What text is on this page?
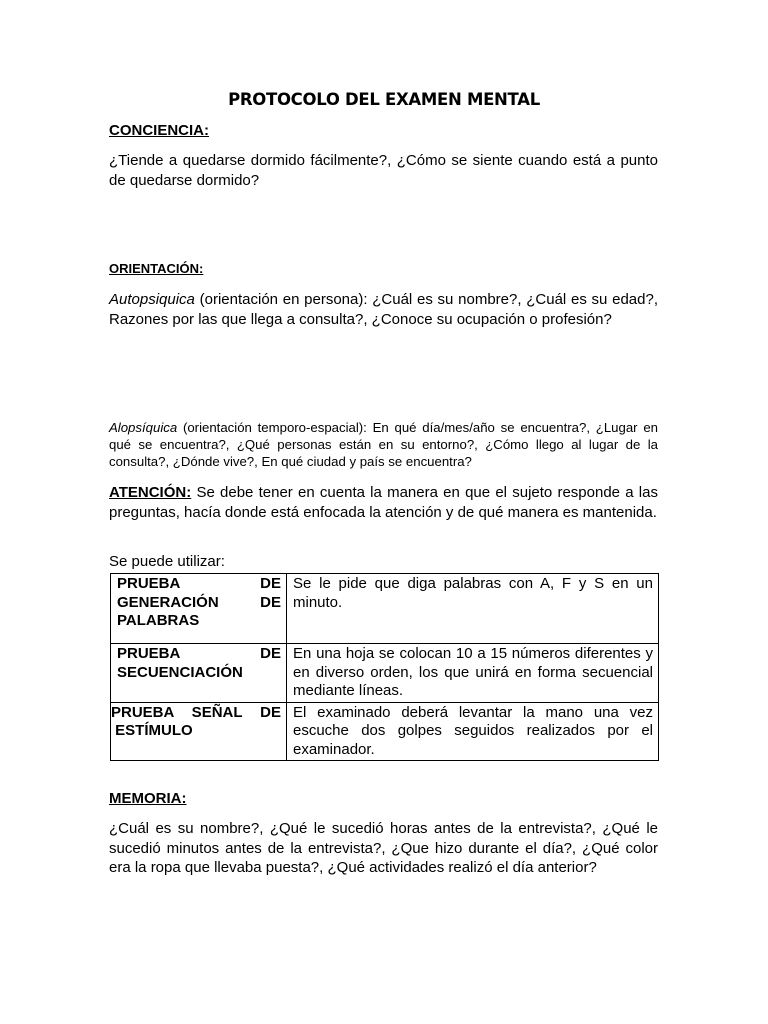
PROTOCOLO DEL EXAMEN MENTAL
CONCIENCIA:

¿Tiende a quedarse dormido fácilmente?, ¿Cómo se siente cuando está a punto de quedarse dormido?

ORIENTACIÓN:

Autopsiquica (orientación en persona): ¿Cuál es su nombre?, ¿Cuál es su edad?, Razones por las que llega a consulta?, ¿Conoce su ocupación o profesión?

Alopsíquica (orientación temporo-espacial): En qué día/mes/año se encuentra?, ¿Lugar en qué se encuentra?, ¿Qué personas están en su entorno?, ¿Cómo llego al lugar de la consulta?, ¿Dónde vive?, En qué ciudad y país se encuentra?

ATENCIÓN: Se debe tener en cuenta la manera en que el sujeto responde a las preguntas, hacía donde está enfocada la atención y de qué manera es mantenida.

Se puede utilizar:

PRUEBA DE
GENERACIÓN DE
PALABRAS	Se le pide que diga palabras con A, F y S en un minuto.

PRUEBA DE
SECUENCIACIÓN	En una hoja se colocan 10 a 15 números diferentes y en diverso orden, los que unirá en forma secuencial mediante líneas.

PRUEBA SEÑAL DE
ESTÍMULO	El examinado deberá levantar la mano una vez escuche dos golpes seguidos realizados por el examinador.
MEMORIA:

¿Cuál es su nombre?, ¿Qué le sucedió horas antes de la entrevista?, ¿Qué le sucedió minutos antes de la entrevista?, ¿Que hizo durante el día?, ¿Qué color era la ropa que llevaba puesta?, ¿Qué actividades realizó el día anterior?
